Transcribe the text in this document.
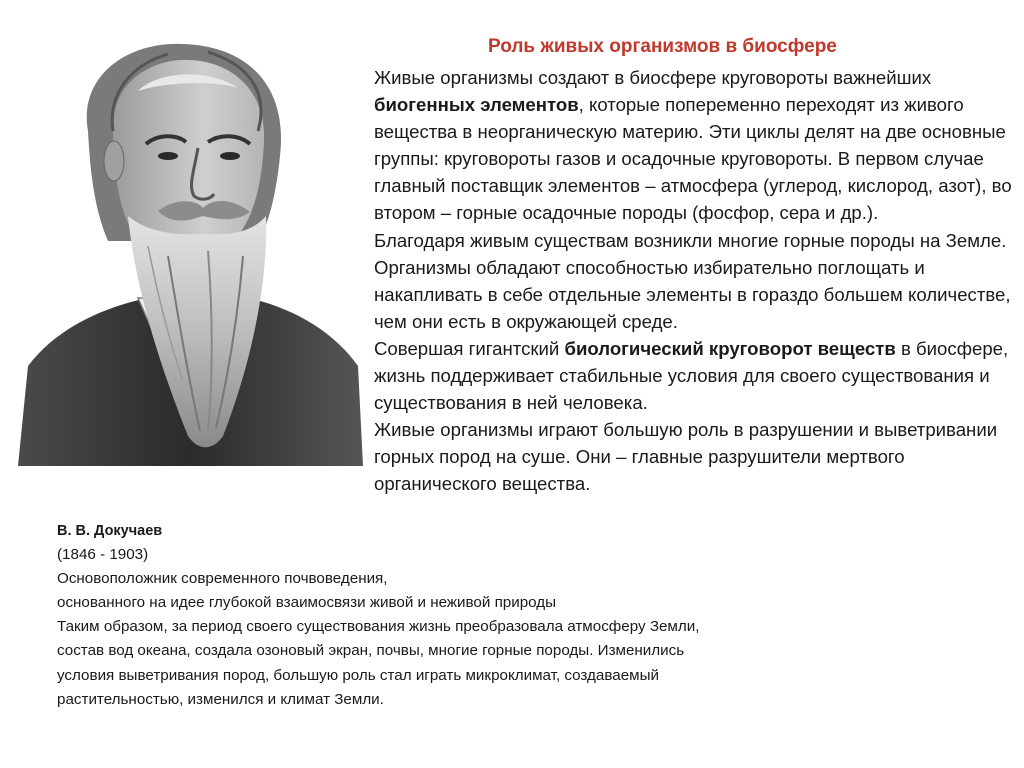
Роль живых организмов в биосфере

Живые организмы создают в биосфере круговороты важнейших биогенных элементов, которые попеременно переходят из живого вещества в неорганическую материю. Эти циклы делят на две основные группы: круговороты газов и осадочные круговороты. В первом случае главный поставщик элементов – атмосфера (углерод, кислород, азот), во втором – горные осадочные породы (фосфор, сера и др.).

Благодаря живым существам возникли многие горные породы на Земле. Организмы обладают способностью избирательно поглощать и накапливать в себе отдельные элементы в гораздо большем количестве, чем они есть в окружающей среде.

Совершая гигантский биологический круговорот веществ в биосфере, жизнь поддерживает стабильные условия для своего существования и существования в ней человека.

Живые организмы играют большую роль в разрушении и выветривании горных пород на суше. Они – главные разрушители мертвого органического вещества.

В. В. Докучаев
(1846 - 1903)
Основоположник современного почвоведения,
основанного на идее глубокой взаимосвязи живой и неживой природы
Таким образом, за период своего существования жизнь преобразовала атмосферу Земли,
состав вод океана, создала озоновый экран, почвы, многие горные породы. Изменились
условия выветривания пород, большую роль стал играть микроклимат, создаваемый
растительностью, изменился и климат Земли.
